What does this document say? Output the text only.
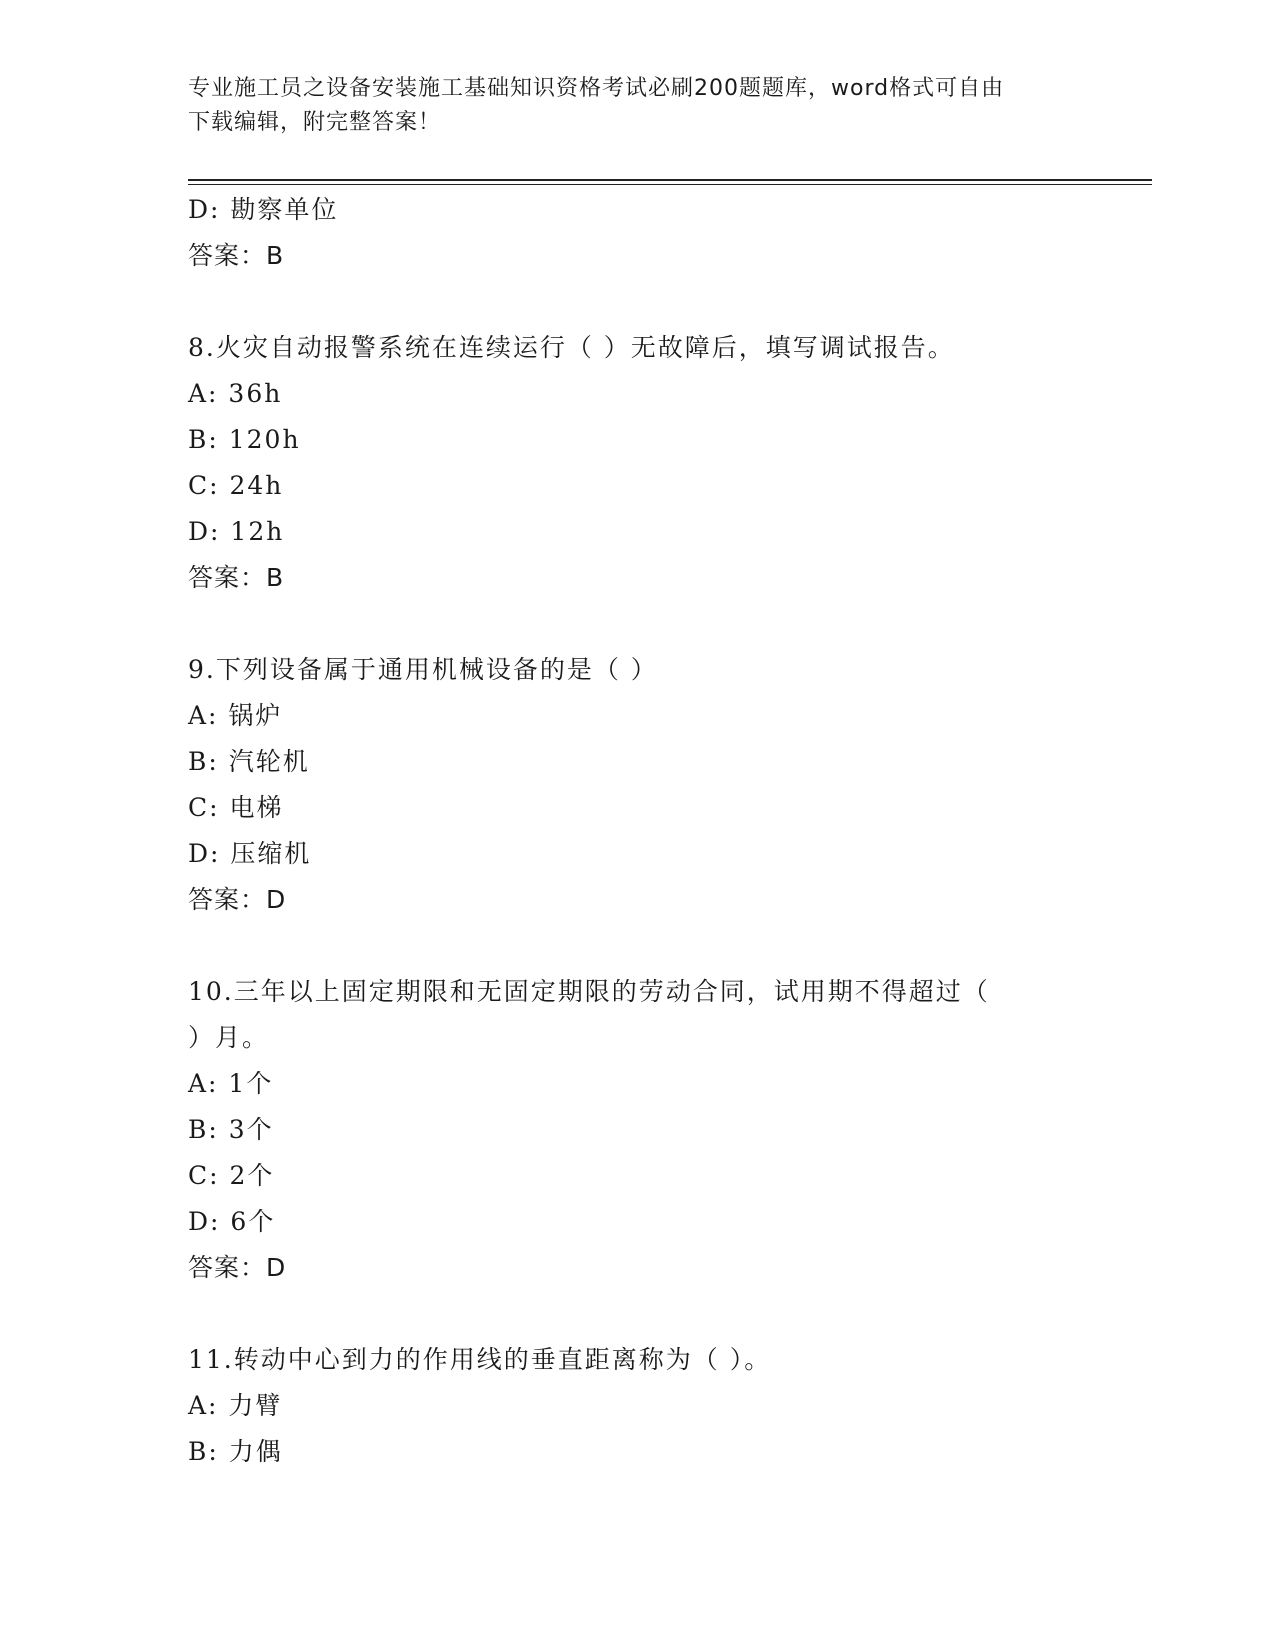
专业施工员之设备安装施工基础知识资格考试必刷200题题库，word格式可自由
下载编辑，附完整答案！
D: 勘察单位
答案：B
8.火灾自动报警系统在连续运行（ ）无故障后，填写调试报告。
A: 36h
B: 120h
C: 24h
D: 12h
答案：B
9.下列设备属于通用机械设备的是（ ）
A: 锅炉
B: 汽轮机
C: 电梯
D: 压缩机
答案：D
10.三年以上固定期限和无固定期限的劳动合同，试用期不得超过（
）月。
A: 1个
B: 3个
C: 2个
D: 6个
答案：D
11.转动中心到力的作用线的垂直距离称为（ ）。
A: 力臂
B: 力偶
